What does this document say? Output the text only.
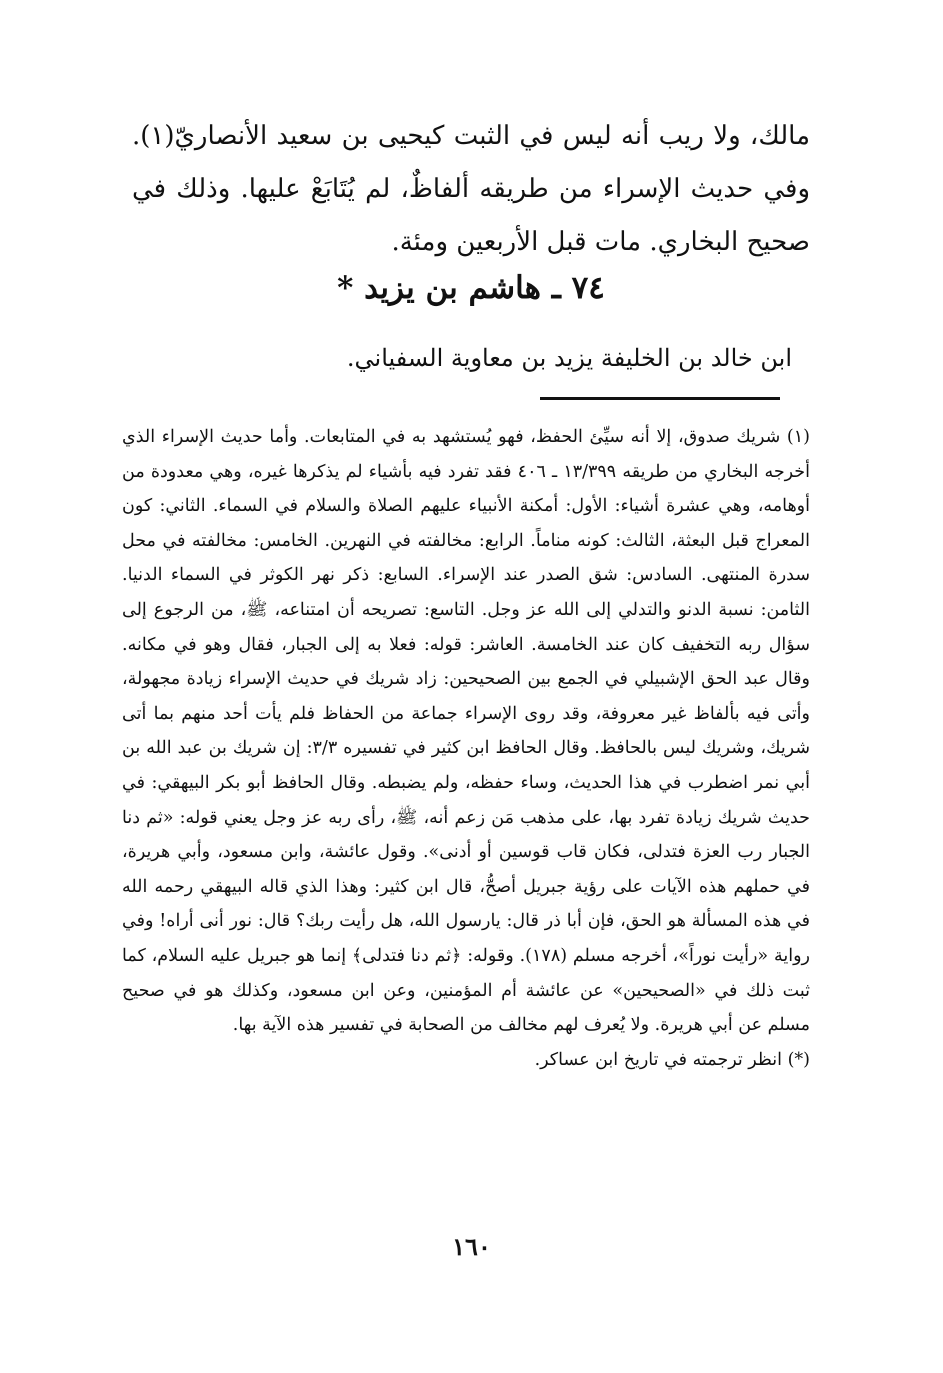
مالك، ولا ريب أنه ليس في الثبت كيحيى بن سعيد الأنصاريّ(١). وفي حديث الإسراء من طريقه ألفاظٌ، لم يُتَابَعْ عليها. وذلك في صحيح البخاري. مات قبل الأربعين ومئة.

٧٤ ـ هاشم بن يزيد *
ابن خالد بن الخليفة يزيد بن معاوية السفياني.

(١) شريك صدوق، إلا أنه سيِّئ الحفظ، فهو يُستشهد به في المتابعات. وأما حديث الإسراء الذي أخرجه البخاري من طريقه ١٣/٣٩٩ ـ ٤٠٦ فقد تفرد فيه بأشياء لم يذكرها غيره، وهي معدودة من أوهامه، وهي عشرة أشياء: الأول: أمكنة الأنبياء عليهم الصلاة والسلام في السماء. الثاني: كون المعراج قبل البعثة، الثالث: كونه مناماً. الرابع: مخالفته في النهرين. الخامس: مخالفته في محل سدرة المنتهى. السادس: شق الصدر عند الإسراء. السابع: ذكر نهر الكوثر في السماء الدنيا. الثامن: نسبة الدنو والتدلي إلى الله عز وجل. التاسع: تصريحه أن امتناعه، ﷺ، من الرجوع إلى سؤال ربه التخفيف كان عند الخامسة. العاشر: قوله: فعلا به إلى الجبار، فقال وهو في مكانه. وقال عبد الحق الإشبيلي في الجمع بين الصحيحين: زاد شريك في حديث الإسراء زيادة مجهولة، وأتى فيه بألفاظ غير معروفة، وقد روى الإسراء جماعة من الحفاظ فلم يأت أحد منهم بما أتى شريك، وشريك ليس بالحافظ. وقال الحافظ ابن كثير في تفسيره ٣/٣: إن شريك بن عبد الله بن أبي نمر اضطرب في هذا الحديث، وساء حفظه، ولم يضبطه. وقال الحافظ أبو بكر البيهقي: في حديث شريك زيادة تفرد بها، على مذهب مَن زعم أنه، ﷺ، رأى ربه عز وجل يعني قوله: «ثم دنا الجبار رب العزة فتدلى، فكان قاب قوسين أو أدنى». وقول عائشة، وابن مسعود، وأبي هريرة، في حملهم هذه الآيات على رؤية جبريل أصحُّ، قال ابن كثير: وهذا الذي قاله البيهقي رحمه الله في هذه المسألة هو الحق، فإن أبا ذر قال: يارسول الله، هل رأيت ربك؟ قال: نور أنى أراه! وفي رواية «رأيت نوراً»، أخرجه مسلم (١٧٨). وقوله: ﴿ثم دنا فتدلى﴾ إنما هو جبريل عليه السلام، كما ثبت ذلك في «الصحيحين» عن عائشة أم المؤمنين، وعن ابن مسعود، وكذلك هو في صحيح مسلم عن أبي هريرة. ولا يُعرف لهم مخالف من الصحابة في تفسير هذه الآية بها.

(*) انظر ترجمته في تاريخ ابن عساكر.

١٦٠
